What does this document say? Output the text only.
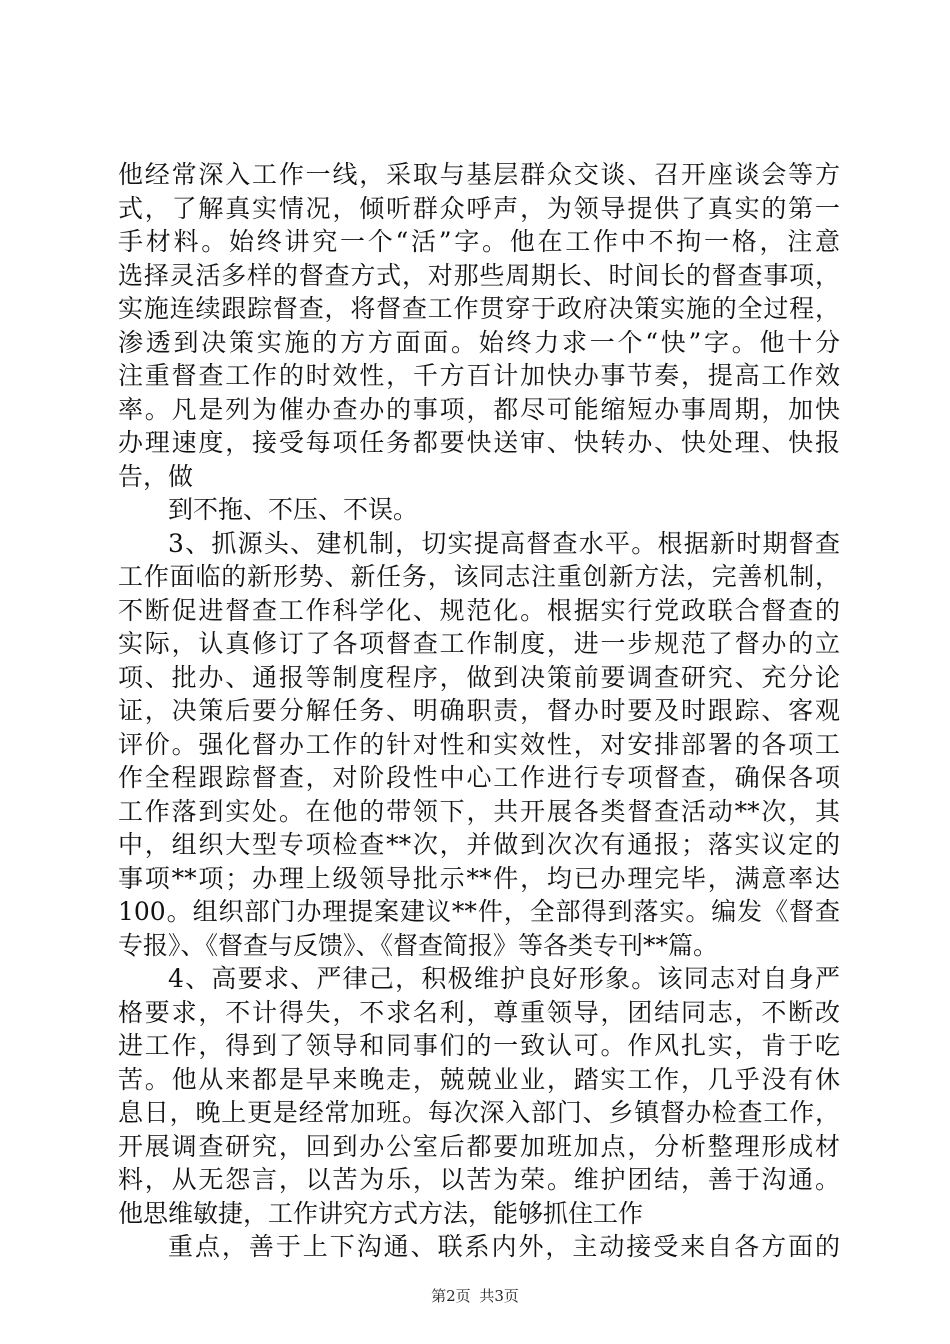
他经常深入工作一线，采取与基层群众交谈、召开座谈会等方
式，了解真实情况，倾听群众呼声，为领导提供了真实的第一
手材料。始终讲究一个“活”字。他在工作中不拘一格，注意
选择灵活多样的督查方式，对那些周期长、时间长的督查事项，
实施连续跟踪督查，将督查工作贯穿于政府决策实施的全过程，
渗透到决策实施的方方面面。始终力求一个“快”字。他十分
注重督查工作的时效性，千方百计加快办事节奏，提高工作效
率。凡是列为催办查办的事项，都尽可能缩短办事周期，加快
办理速度，接受每项任务都要快送审、快转办、快处理、快报
告，做
到不拖、不压、不误。
3、抓源头、建机制，切实提高督查水平。根据新时期督查
工作面临的新形势、新任务，该同志注重创新方法，完善机制，
不断促进督查工作科学化、规范化。根据实行党政联合督查的
实际，认真修订了各项督查工作制度，进一步规范了督办的立
项、批办、通报等制度程序，做到决策前要调查研究、充分论
证，决策后要分解任务、明确职责，督办时要及时跟踪、客观
评价。强化督办工作的针对性和实效性，对安排部署的各项工
作全程跟踪督查，对阶段性中心工作进行专项督查，确保各项
工作落到实处。在他的带领下，共开展各类督查活动**次，其
中，组织大型专项检查**次，并做到次次有通报；落实议定的
事项**项；办理上级领导批示**件，均已办理完毕，满意率达
100。组织部门办理提案建议**件，全部得到落实。编发《督查
专报》、《督查与反馈》、《督查简报》等各类专刊**篇。
4、高要求、严律己，积极维护良好形象。该同志对自身严
格要求，不计得失，不求名利，尊重领导，团结同志，不断改
进工作，得到了领导和同事们的一致认可。作风扎实，肯于吃
苦。他从来都是早来晚走，兢兢业业，踏实工作，几乎没有休
息日，晚上更是经常加班。每次深入部门、乡镇督办检查工作，
开展调查研究，回到办公室后都要加班加点，分析整理形成材
料，从无怨言，以苦为乐，以苦为荣。维护团结，善于沟通。
他思维敏捷，工作讲究方式方法，能够抓住工作
重点，善于上下沟通、联系内外，主动接受来自各方面的
第2页 共3页
